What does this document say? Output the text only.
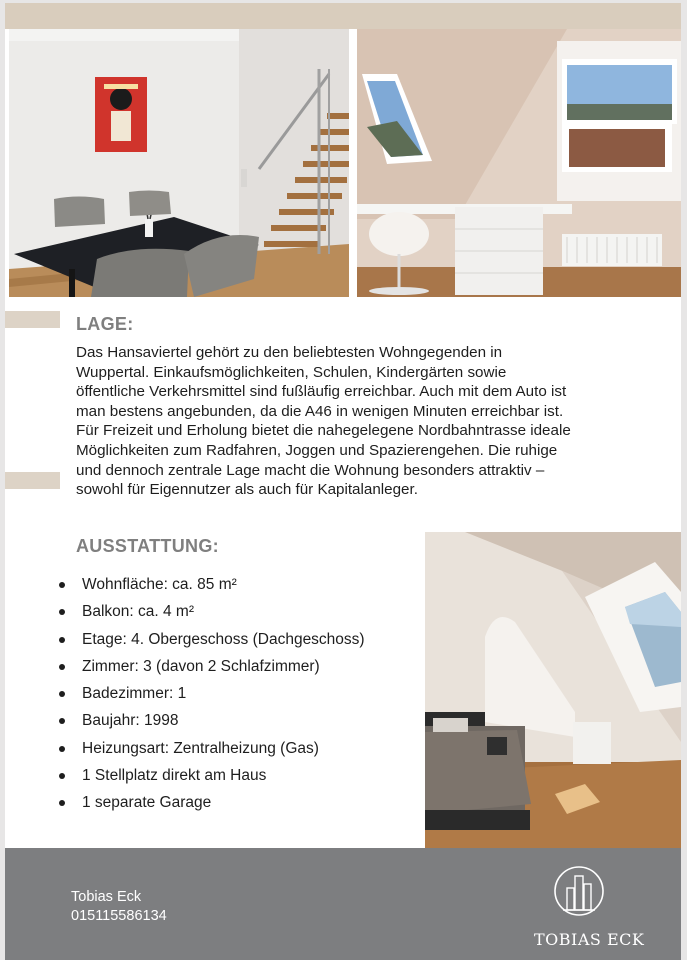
LAGE:

Das Hansaviertel gehört zu den beliebtesten Wohngegenden in Wuppertal. Einkaufsmöglichkeiten, Schulen, Kindergärten sowie öffentliche Verkehrsmittel sind fußläufig erreichbar. Auch mit dem Auto ist man bestens angebunden, da die A46 in wenigen Minuten erreichbar ist. Für Freizeit und Erholung bietet die nahegelegene Nordbahntrasse ideale Möglichkeiten zum Radfahren, Joggen und Spazierengehen. Die ruhige und dennoch zentrale Lage macht die Wohnung besonders attraktiv – sowohl für Eigennutzer als auch für Kapitalanleger.

AUSSTATTUNG:
Wohnfläche: ca. 85 m²
Balkon: ca. 4 m²
Etage: 4. Obergeschoss (Dachgeschoss)
Zimmer: 3 (davon 2 Schlafzimmer)
Badezimmer: 1
Baujahr: 1998
Heizungsart: Zentralheizung (Gas)
1 Stellplatz direkt am Haus
1 separate Garage
Tobias Eck
015115586134
TOBIAS ECK
